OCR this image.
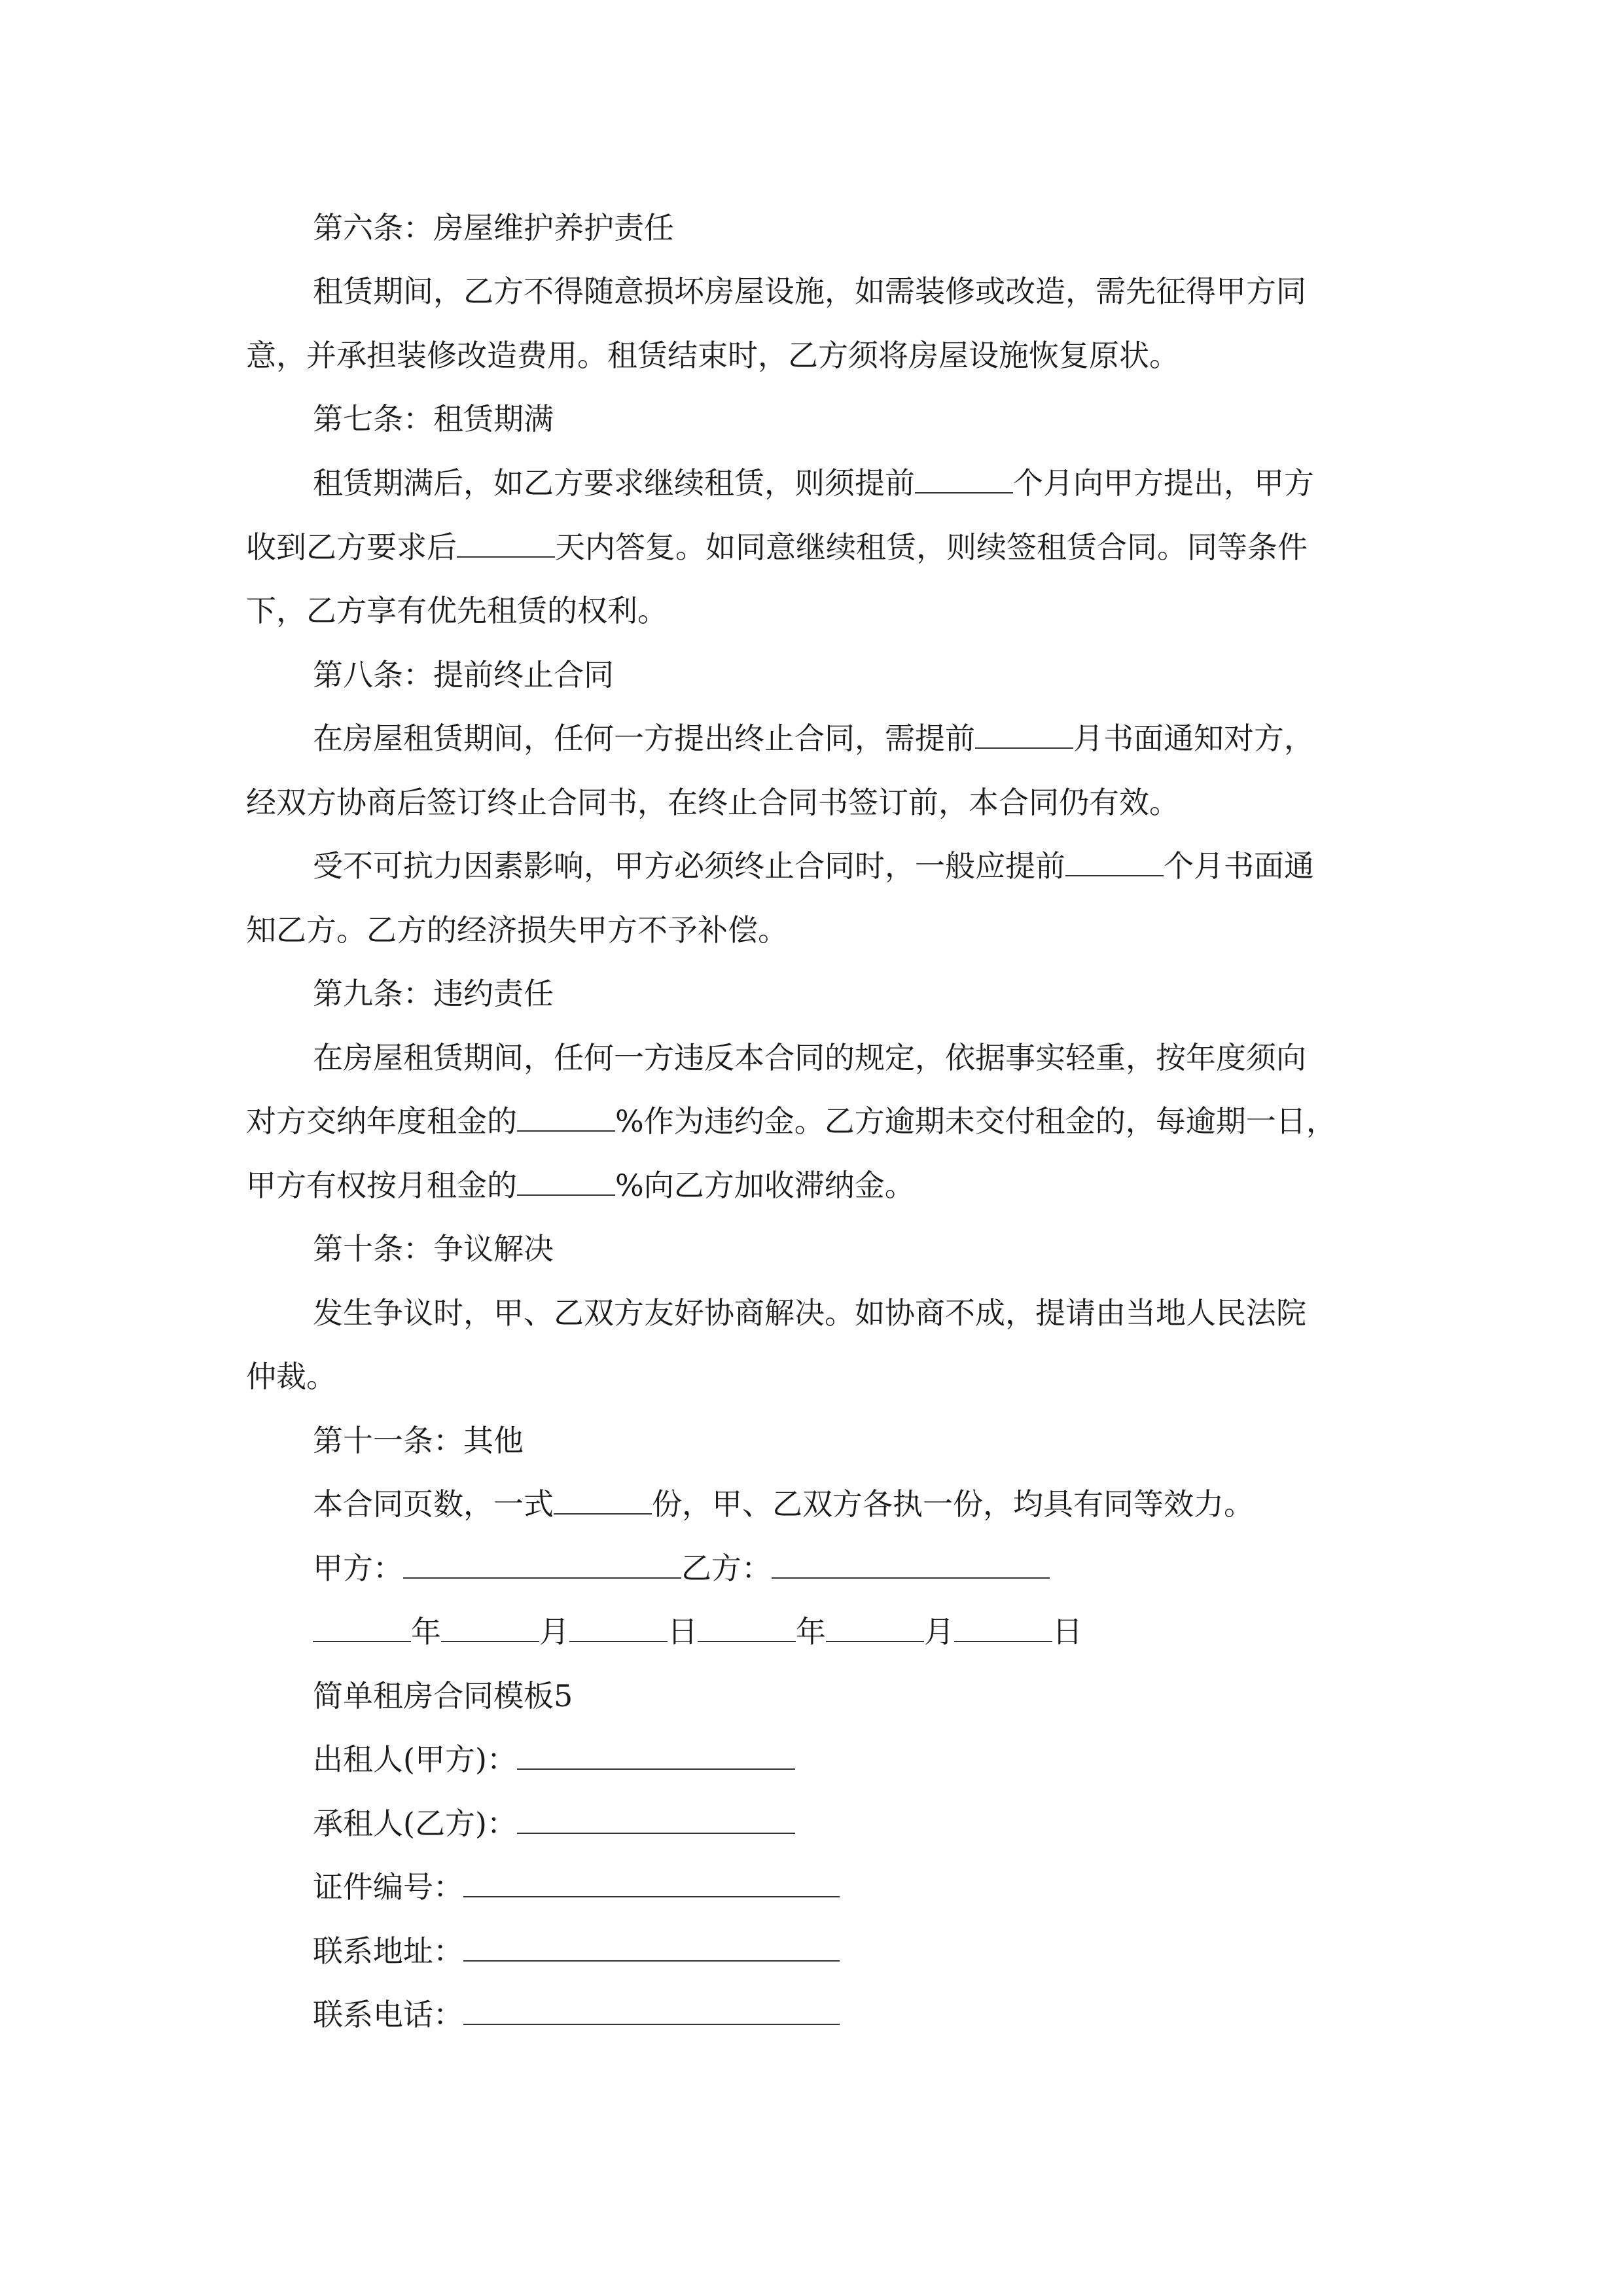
第六条：房屋维护养护责任
租赁期间，乙方不得随意损坏房屋设施，如需装修或改造，需先征得甲方同
意，并承担装修改造费用。租赁结束时，乙方须将房屋设施恢复原状。
第七条：租赁期满
租赁期满后，如乙方要求继续租赁，则须提前	个月向甲方提出，甲方
收到乙方要求后	天内答复。如同意继续租赁，则续签租赁合同。同等条件
下，乙方享有优先租赁的权利。
第八条：提前终止合同
在房屋租赁期间，任何一方提出终止合同，需提前	月书面通知对方，
经双方协商后签订终止合同书，在终止合同书签订前，本合同仍有效。
受不可抗力因素影响，甲方必须终止合同时，一般应提前	个月书面通
知乙方。乙方的经济损失甲方不予补偿。
第九条：违约责任
在房屋租赁期间，任何一方违反本合同的规定，依据事实轻重，按年度须向
对方交纳年度租金的	%作为违约金。乙方逾期未交付租金的，每逾期一日，
甲方有权按月租金的	%向乙方加收滞纳金。
第十条：争议解决
发生争议时，甲、乙双方友好协商解决。如协商不成，提请由当地人民法院
仲裁。
第十一条：其他
本合同页数，一式	份，甲、乙双方各执一份，均具有同等效力。
甲方：	乙方：
年	月	日	年	月	日
简单租房合同模板5
出租人(甲方)：
承租人(乙方)：
证件编号：
联系地址：
联系电话：
